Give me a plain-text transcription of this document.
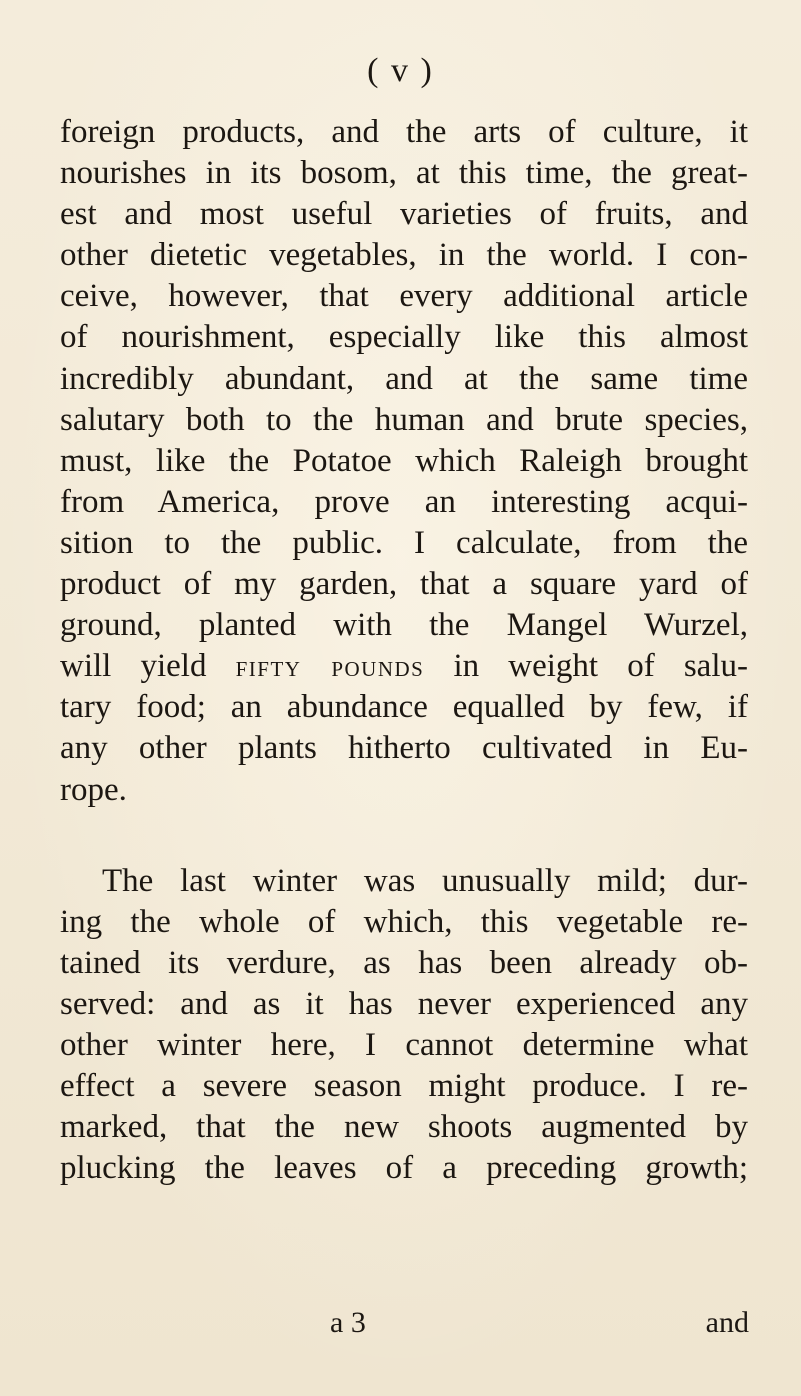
( v )
foreign products, and the arts of culture, it
nourishes in its bosom, at this time, the great-
est and most useful varieties of fruits, and
other dietetic vegetables, in the world. I con-
ceive, however, that every additional article
of nourishment, especially like this almost
incredibly abundant, and at the same time
salutary both to the human and brute species,
must, like the Potatoe which Raleigh brought
from America, prove an interesting acqui-
sition to the public. I calculate, from the
product of my garden, that a square yard of
ground, planted with the Mangel Wurzel,
will yield fifty pounds in weight of salu-
tary food; an abundance equalled by few, if
any other plants hitherto cultivated in Eu-
rope.
The last winter was unusually mild; dur-
ing the whole of which, this vegetable re-
tained its verdure, as has been already ob-
served: and as it has never experienced any
other winter here, I cannot determine what
effect a severe season might produce. I re-
marked, that the new shoots augmented by
plucking the leaves of a preceding growth;
a 3	and
